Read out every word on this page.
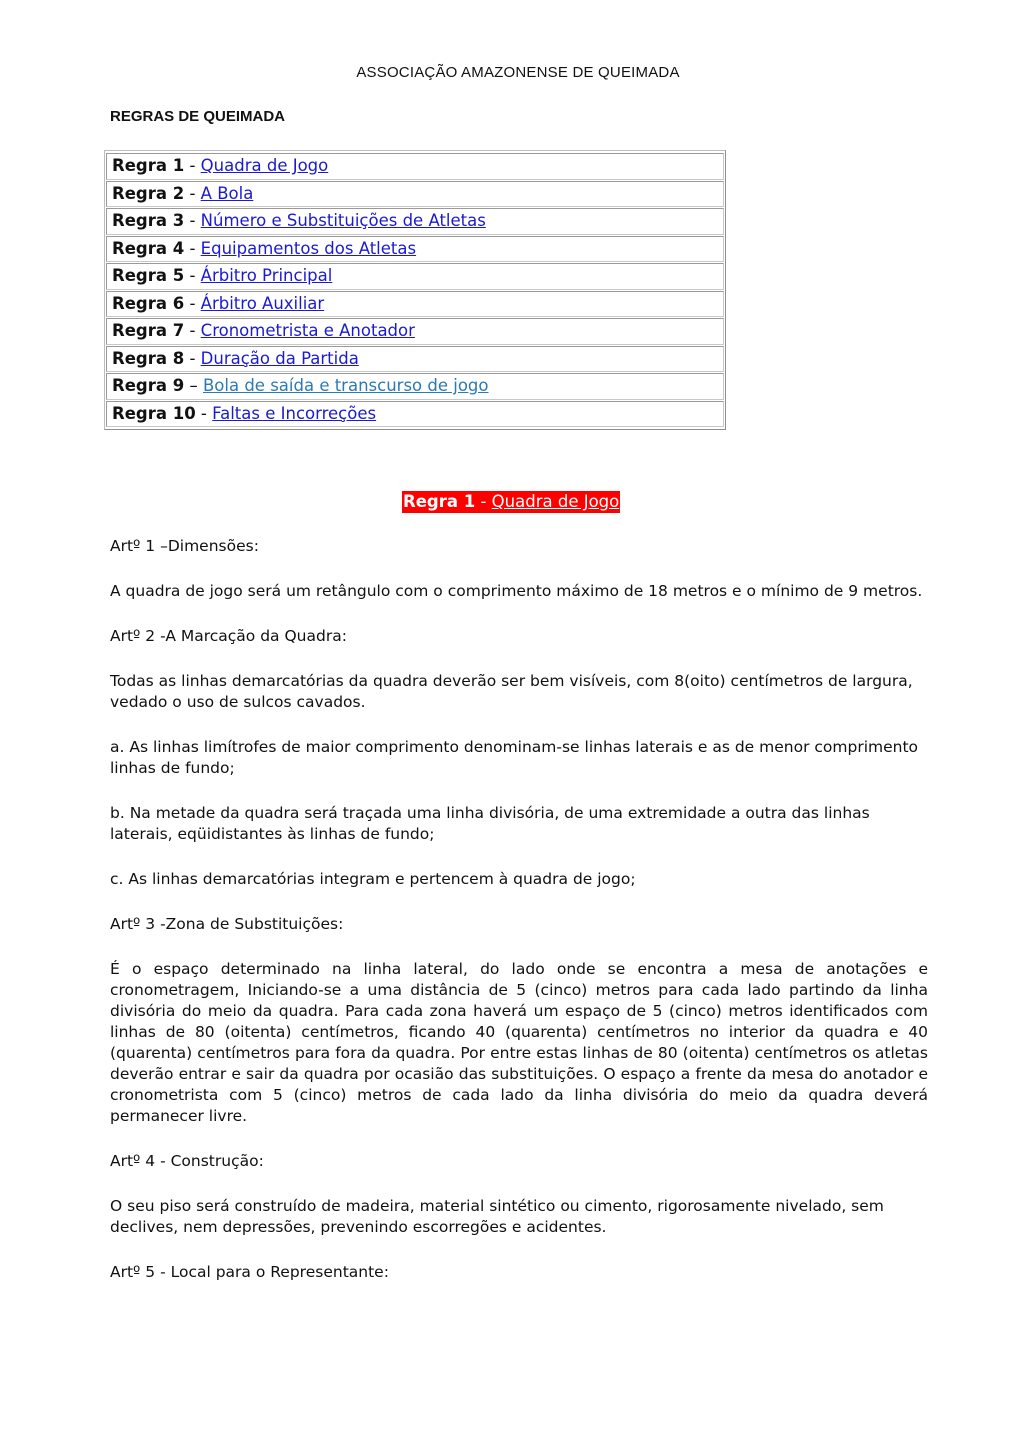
ASSOCIAÇÃO AMAZONENSE DE QUEIMADA
REGRAS DE QUEIMADA
Regra 1 - Quadra de Jogo
Regra 2 - A Bola
Regra 3 - Número e Substituições de Atletas
Regra 4 - Equipamentos dos Atletas
Regra 5 - Árbitro Principal
Regra 6 - Árbitro Auxiliar
Regra 7 - Cronometrista e Anotador
Regra 8 - Duração da Partida
Regra 9 – Bola de saída e transcurso de jogo
Regra 10 - Faltas e Incorreções
Regra 1 - Quadra de Jogo

Artº 1 –Dimensões:

A quadra de jogo será um retângulo com o comprimento máximo de 18 metros e o mínimo de 9 metros.

Artº 2 -A Marcação da Quadra:

Todas as linhas demarcatórias da quadra deverão ser bem visíveis, com 8(oito) centímetros de largura, vedado o uso de sulcos cavados.

a. As linhas limítrofes de maior comprimento denominam-se linhas laterais e as de menor comprimento linhas de fundo;

b. Na metade da quadra será traçada uma linha divisória, de uma extremidade a outra das linhas laterais, eqüidistantes às linhas de fundo;

c. As linhas demarcatórias integram e pertencem à quadra de jogo;

Artº 3 -Zona de Substituições:

É o espaço determinado na linha lateral, do lado onde se encontra a mesa de anotações e cronometragem, Iniciando-se a uma distância de 5 (cinco) metros para cada lado partindo da linha divisória do meio da quadra. Para cada zona haverá um espaço de 5 (cinco) metros identificados com linhas de 80 (oitenta) centímetros, ficando 40 (quarenta) centímetros no interior da quadra e 40 (quarenta) centímetros para fora da quadra. Por entre estas linhas de 80 (oitenta) centímetros os atletas deverão entrar e sair da quadra por ocasião das substituições. O espaço a frente da mesa do anotador e cronometrista com 5 (cinco) metros de cada lado da linha divisória do meio da quadra deverá permanecer livre.

Artº 4 - Construção:

O seu piso será construído de madeira, material sintético ou cimento, rigorosamente nivelado, sem declives, nem depressões, prevenindo escorregões e acidentes.

Artº 5 - Local para o Representante:
